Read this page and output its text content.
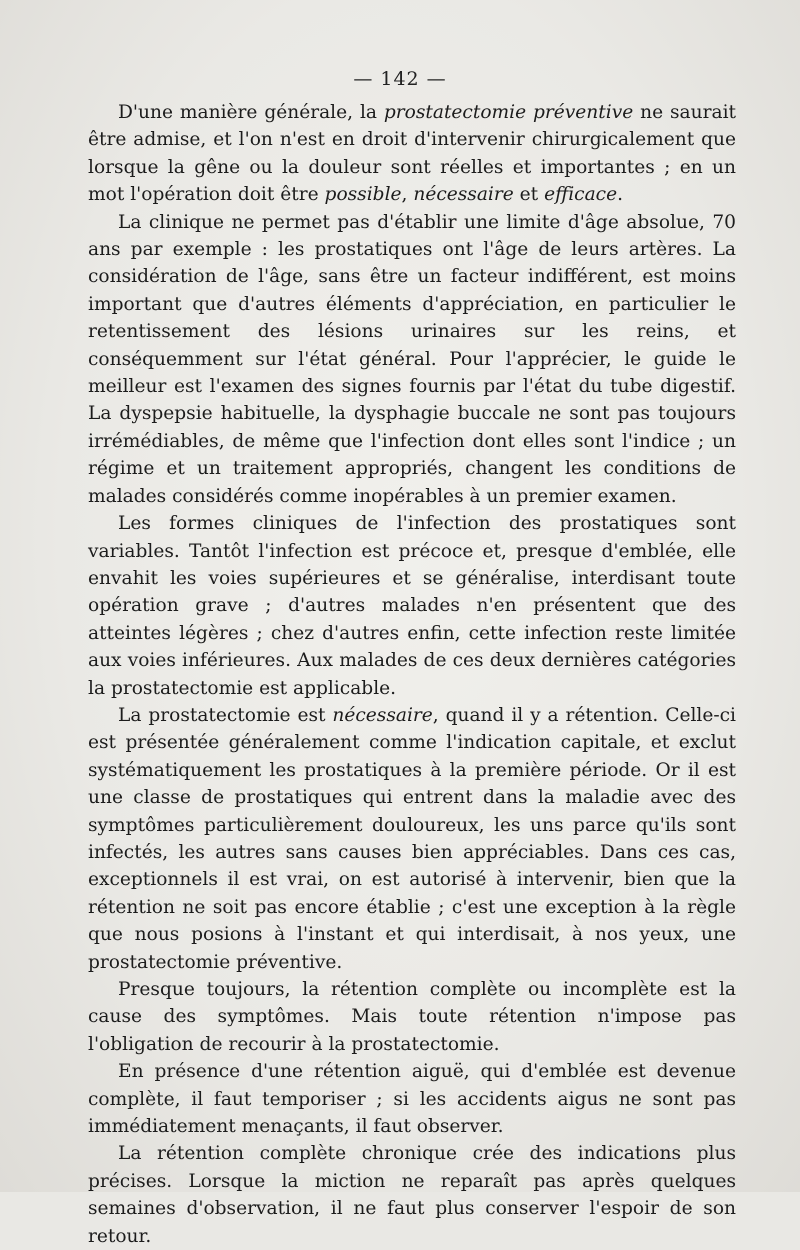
— 142 —

D'une manière générale, la prostatectomie préventive ne saurait être admise, et l'on n'est en droit d'intervenir chirurgicalement que lorsque la gêne ou la douleur sont réelles et importantes ; en un mot l'opération doit être possible, nécessaire et efficace.

La clinique ne permet pas d'établir une limite d'âge absolue, 70 ans par exemple : les prostatiques ont l'âge de leurs artères. La considération de l'âge, sans être un facteur indifférent, est moins important que d'autres éléments d'appréciation, en particulier le retentissement des lésions urinaires sur les reins, et conséquemment sur l'état général. Pour l'apprécier, le guide le meilleur est l'examen des signes fournis par l'état du tube digestif. La dyspepsie habituelle, la dysphagie buccale ne sont pas toujours irrémédiables, de même que l'infection dont elles sont l'indice ; un régime et un traitement appropriés, changent les conditions de malades considérés comme inopérables à un premier examen.

Les formes cliniques de l'infection des prostatiques sont variables. Tantôt l'infection est précoce et, presque d'emblée, elle envahit les voies supérieures et se généralise, interdisant toute opération grave ; d'autres malades n'en présentent que des atteintes légères ; chez d'autres enfin, cette infection reste limitée aux voies inférieures. Aux malades de ces deux dernières catégories la prostatectomie est applicable.

La prostatectomie est nécessaire, quand il y a rétention. Celle-ci est présentée généralement comme l'indication capitale, et exclut systématiquement les prostatiques à la première période. Or il est une classe de prostatiques qui entrent dans la maladie avec des symptômes particulièrement douloureux, les uns parce qu'ils sont infectés, les autres sans causes bien appréciables. Dans ces cas, exceptionnels il est vrai, on est autorisé à intervenir, bien que la rétention ne soit pas encore établie ; c'est une exception à la règle que nous posions à l'instant et qui interdisait, à nos yeux, une prostatectomie préventive.

Presque toujours, la rétention complète ou incomplète est la cause des symptômes. Mais toute rétention n'impose pas l'obligation de recourir à la prostatectomie.

En présence d'une rétention aiguë, qui d'emblée est devenue complète, il faut temporiser ; si les accidents aigus ne sont pas immédiatement menaçants, il faut observer.

La rétention complète chronique crée des indications plus précises. Lorsque la miction ne reparaît pas après quelques semaines d'observation, il ne faut plus conserver l'espoir de son retour.
